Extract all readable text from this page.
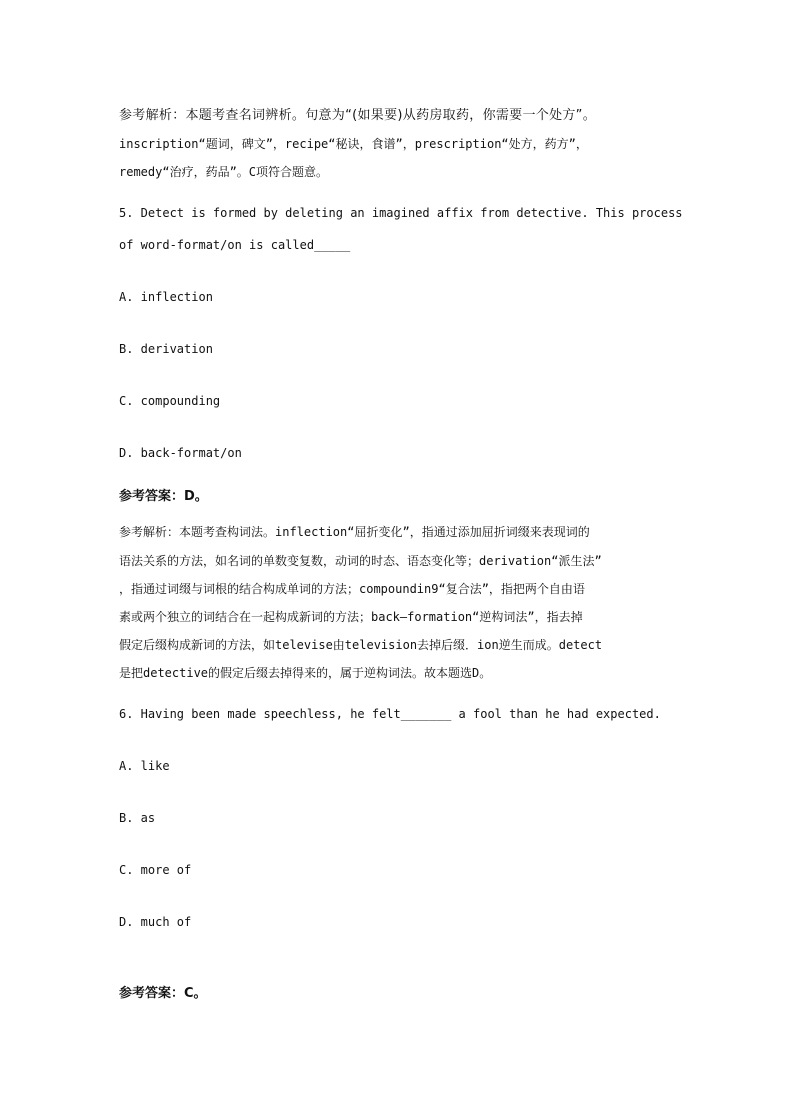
参考解析：本题考查名词辨析。句意为“(如果要)从药房取药，你需要一个处方”。
inscription“题词，碑文”，recipe“秘诀，食谱”，prescription“处方，药方”，
remedy“治疗，药品”。C项符合题意。
5. Detect is formed by deleting an imagined affix from detective. This process
of word-format/on is called_____
A. inflection
B. derivation
C. compounding
D. back-format/on
参考答案：D。
参考解析：本题考查构词法。inflection“屈折变化”，指通过添加屈折词缀来表现词的
语法关系的方法，如名词的单数变复数，动词的时态、语态变化等；derivation“派生法”
，指通过词缀与词根的结合构成单词的方法；compoundin9“复合法”，指把两个自由语
素或两个独立的词结合在一起构成新词的方法；back—formation“逆构词法”，指去掉
假定后缀构成新词的方法，如televise由television去掉后缀．ion逆生而成。detect
是把detective的假定后缀去掉得来的，属于逆构词法。故本题选D。
6. Having been made speechless, he felt_______ a fool than he had expected.
A. like
B. as
C. more of
D. much of
参考答案：C。
